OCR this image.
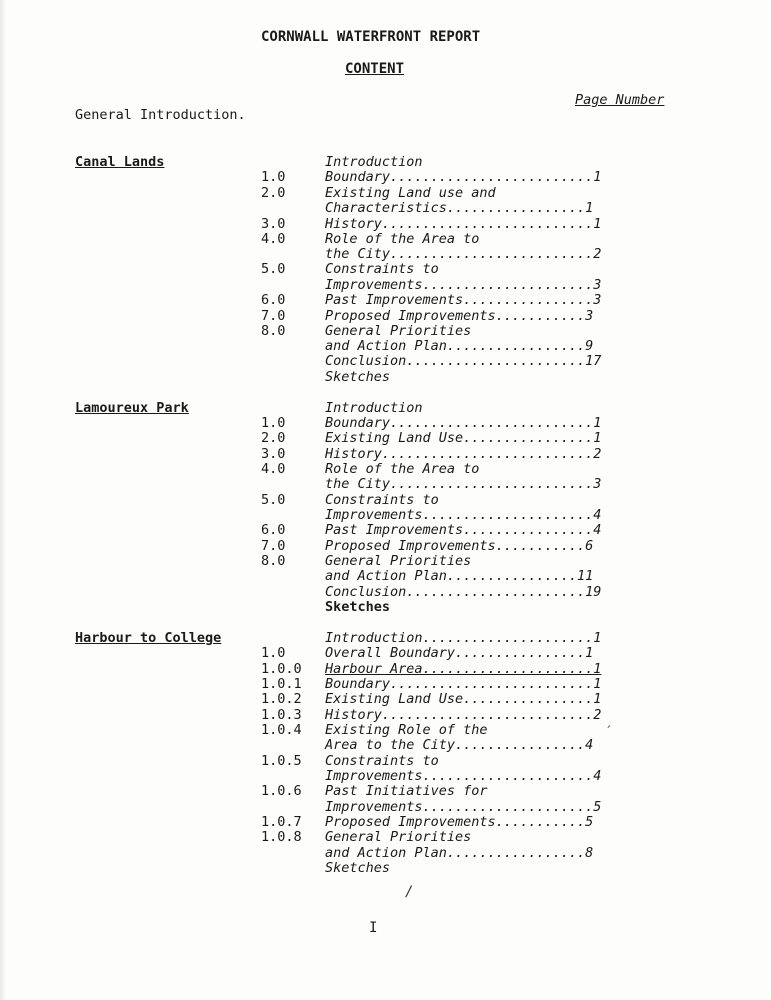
CORNWALL WATERFRONT REPORT
CONTENT
Page Number
General Introduction.
Canal Lands	Introduction
1.0	Boundary.........................1
2.0	Existing Land use and
Characteristics.................1
3.0	History..........................1
4.0	Role of the Area to
the City.........................2
5.0	Constraints to
Improvements.....................3
6.0	Past Improvements................3
7.0	Proposed Improvements...........3
8.0	General Priorities
and Action Plan.................9
Conclusion......................17
Sketches
Lamoureux Park	Introduction
1.0	Boundary.........................1
2.0	Existing Land Use................1
3.0	History..........................2
4.0	Role of the Area to
the City.........................3
5.0	Constraints to
Improvements.....................4
6.0	Past Improvements................4
7.0	Proposed Improvements...........6
8.0	General Priorities
and Action Plan................11
Conclusion......................19
Sketches
Harbour to College	Introduction.....................1
1.0	Overall Boundary................1
1.0.0 Harbour Area.....................1
1.0.1 Boundary.........................1
1.0.2 Existing Land Use................1
1.0.3 History..........................2
1.0.4 Existing Role of the
Area to the City................4
1.0.5 Constraints to
Improvements.....................4
1.0.6 Past Initiatives for
Improvements.....................5
1.0.7 Proposed Improvements...........5
1.0.8 General Priorities
and Action Plan.................8
Sketches
′
/
I
